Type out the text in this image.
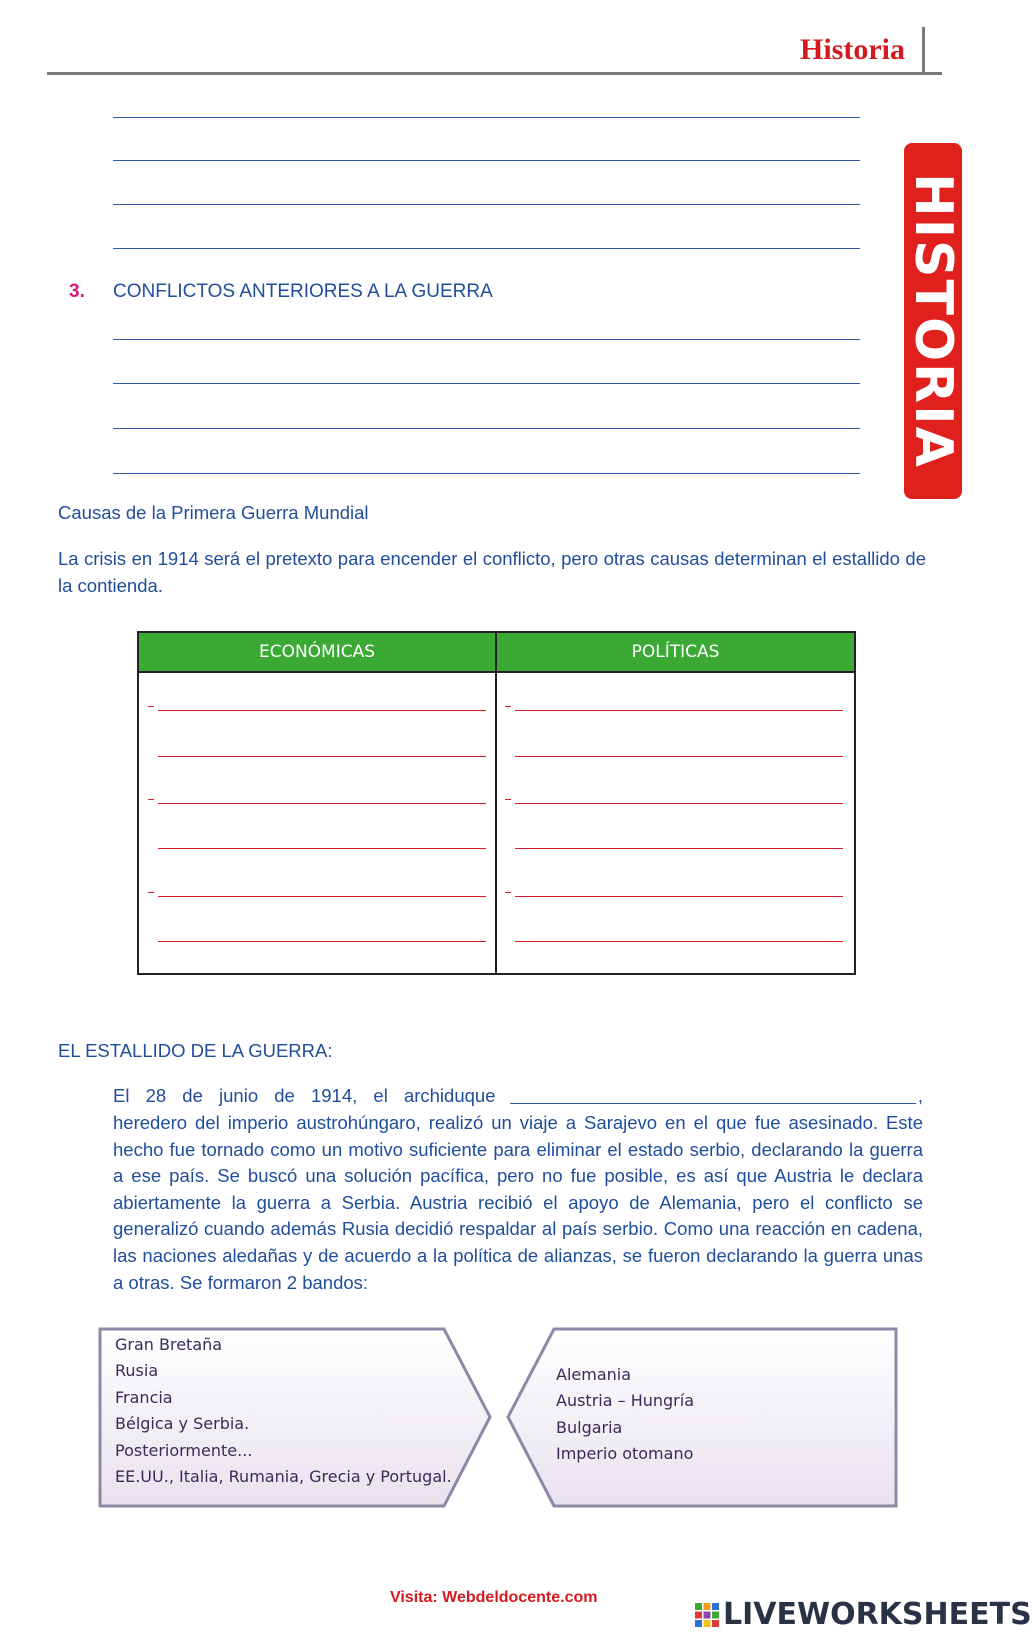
Historia
HISTORIA
3. CONFLICTOS ANTERIORES A LA GUERRA
Causas de la Primera Guerra Mundial
La crisis en 1914 será el pretexto para encender el conflicto, pero otras causas determinan el estallido de la contienda.
ECONÓMICAS	POLÍTICAS
EL ESTALLIDO DE LA GUERRA:
El 28 de junio de 1914, el archiduque	,
heredero del imperio austrohúngaro, realizó un viaje a Sarajevo en el que fue asesinado. Este hecho fue tornado como un motivo suficiente para eliminar el estado serbio, declarando la guerra a ese país. Se buscó una solución pacífica, pero no fue posible, es así que Austria le declara abiertamente la guerra a Serbia. Austria recibió el apoyo de Alemania, pero el conflicto se generalizó cuando además Rusia decidió respaldar al país serbio. Como una reacción en cadena, las naciones aledañas y de acuerdo a la política de alianzas, se fueron declarando la guerra unas a otras. Se formaron 2 bandos:
Gran Bretaña
Rusia
Francia
Bélgica y Serbia.
Posteriormente...
EE.UU., Italia, Rumania, Grecia y Portugal.
Alemania
Austria – Hungría
Bulgaria
Imperio otomano
Visita: Webdeldocente.com	LIVEWORKSHEETS
